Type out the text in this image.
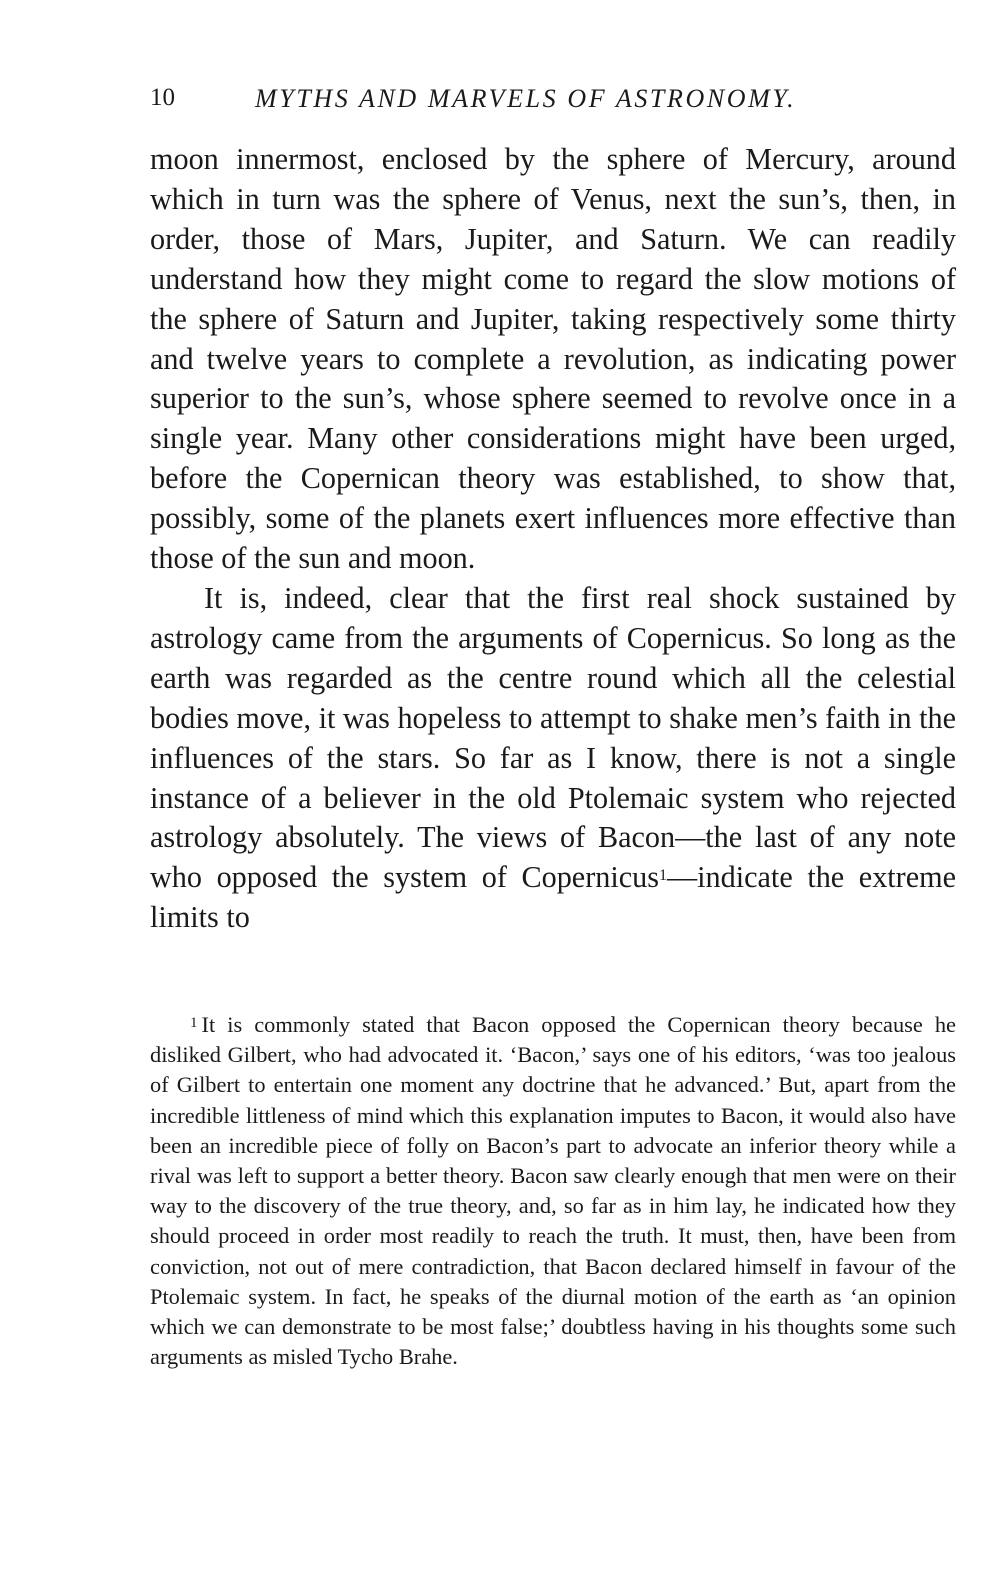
10	MYTHS AND MARVELS OF ASTRONOMY.

moon innermost, enclosed by the sphere of Mercury, around which in turn was the sphere of Venus, next the sun’s, then, in order, those of Mars, Jupiter, and Saturn. We can readily understand how they might come to regard the slow motions of the sphere of Saturn and Jupiter, taking respectively some thirty and twelve years to complete a revolution, as indicating power superior to the sun’s, whose sphere seemed to revolve once in a single year. Many other considerations might have been urged, before the Copernican theory was established, to show that, possibly, some of the planets exert influences more effective than those of the sun and moon.

It is, indeed, clear that the first real shock sustained by astrology came from the arguments of Copernicus. So long as the earth was regarded as the centre round which all the celestial bodies move, it was hopeless to attempt to shake men’s faith in the influences of the stars. So far as I know, there is not a single instance of a believer in the old Ptolemaic system who rejected astrology absolutely. The views of Bacon—the last of any note who opposed the system of Copernicus$^1$—indicate the extreme limits to

$^1$ It is commonly stated that Bacon opposed the Copernican theory because he disliked Gilbert, who had advocated it. ‘Bacon,’ says one of his editors, ‘was too jealous of Gilbert to entertain one moment any doctrine that he advanced.’ But, apart from the incredible littleness of mind which this explanation imputes to Bacon, it would also have been an incredible piece of folly on Bacon’s part to advocate an inferior theory while a rival was left to support a better theory. Bacon saw clearly enough that men were on their way to the discovery of the true theory, and, so far as in him lay, he indicated how they should proceed in order most readily to reach the truth. It must, then, have been from conviction, not out of mere contradiction, that Bacon declared himself in favour of the Ptolemaic system. In fact, he speaks of the diurnal motion of the earth as ‘an opinion which we can demonstrate to be most false;’ doubtless having in his thoughts some such arguments as misled Tycho Brahe.
